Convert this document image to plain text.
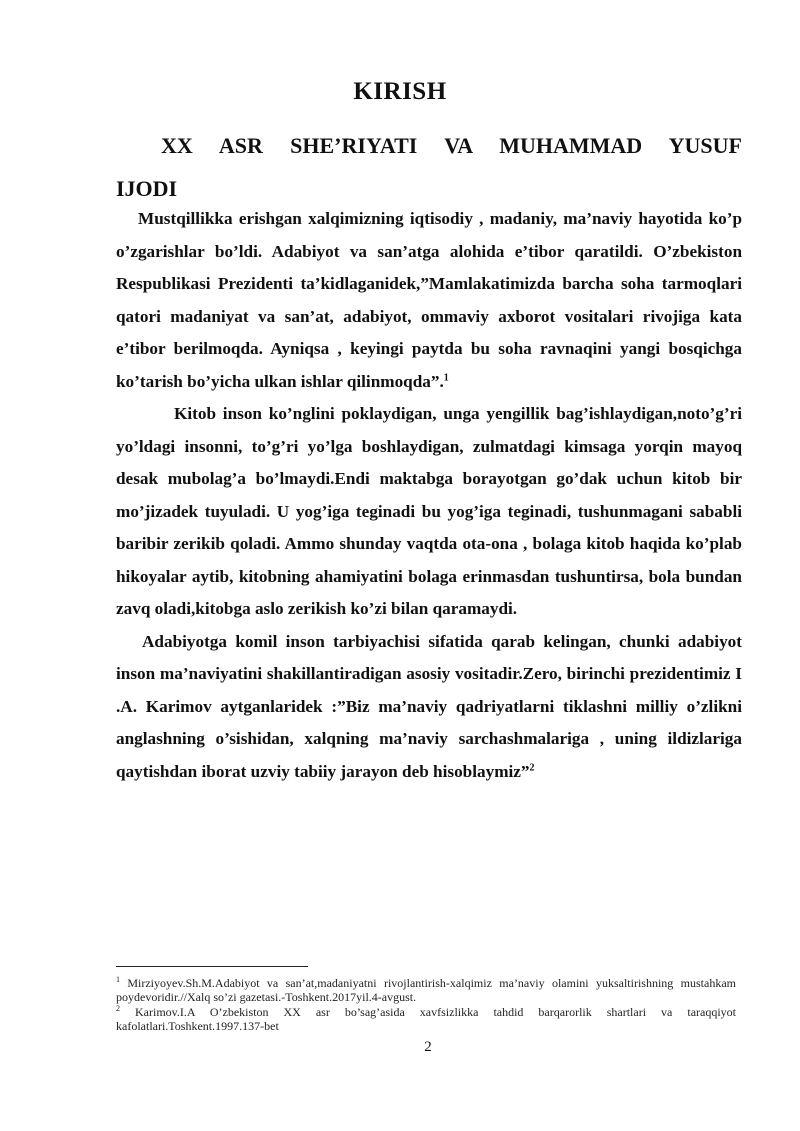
KIRISH
XX ASR SHE’RIYATI VA MUHAMMAD YUSUF IJODI

Mustqillikka erishgan xalqimizning iqtisodiy , madaniy, ma’naviy hayotida ko’p o’zgarishlar bo’ldi. Adabiyot va san’atga alohida e’tibor qaratildi. O’zbekiston Respublikasi Prezidenti ta’kidlaganidek,”Mamlakatimizda barcha soha tarmoqlari qatori madaniyat va san’at, adabiyot, ommaviy axborot vositalari rivojiga kata e’tibor berilmoqda. Ayniqsa , keyingi paytda bu soha ravnaqini yangi bosqichga ko’tarish bo’yicha ulkan ishlar qilinmoqda”.$^1$

Kitob inson ko’nglini poklaydigan, unga yengillik bag’ishlaydigan,noto’g’ri yo’ldagi insonni, to’g’ri yo’lga boshlaydigan, zulmatdagi kimsaga yorqin mayoq desak mubolag’a bo’lmaydi.Endi maktabga borayotgan go’dak uchun kitob bir mo’jizadek tuyuladi. U yog’iga teginadi bu yog’iga teginadi, tushunmagani sababli baribir zerikib qoladi. Ammo shunday vaqtda ota-ona , bolaga kitob haqida ko’plab hikoyalar aytib, kitobning ahamiyatini bolaga erinmasdan tushuntirsa, bola bundan zavq oladi,kitobga aslo zerikish ko’zi bilan qaramaydi.

Adabiyotga komil inson tarbiyachisi sifatida qarab kelingan, chunki adabiyot inson ma’naviyatini shakillantiradigan asosiy vositadir.Zero, birinchi prezidentimiz I .A. Karimov aytganlaridek :”Biz ma’naviy qadriyatlarni tiklashni milliy o’zlikni anglashning o’sishidan, xalqning ma’naviy sarchashmalariga , uning ildizlariga qaytishdan iborat uzviy tabiiy jarayon deb hisoblaymiz”$^2$

$^1$ Mirziyoyev.Sh.M.Adabiyot va san’at,madaniyatni rivojlantirish-xalqimiz ma’naviy olamini yuksaltirishning mustahkam poydevoridir.//Xalq so’zi gazetasi.-Toshkent.2017yil.4-avgust.

$^2$ Karimov.I.A O’zbekiston XX asr bo’sag’asida xavfsizlikka tahdid barqarorlik shartlari va taraqqiyot kafolatlari.Toshkent.1997.137-bet

2
